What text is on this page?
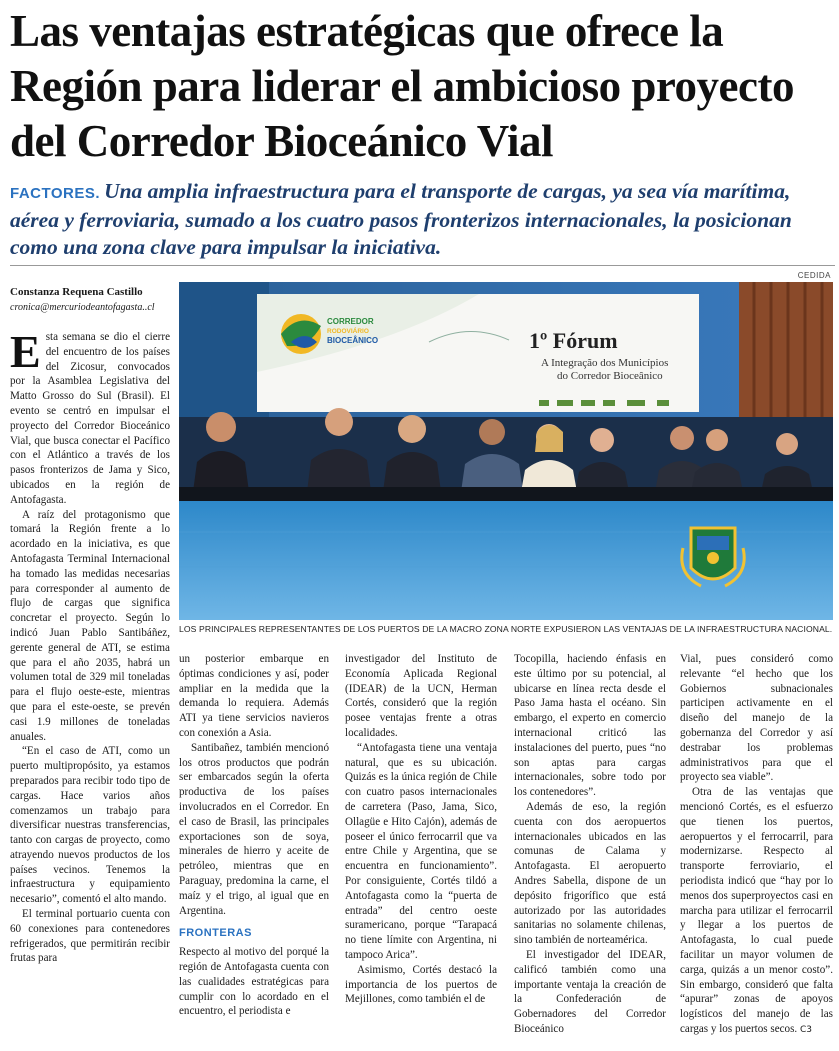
Las ventajas estratégicas que ofrece la Región para liderar el ambicioso proyecto del Corredor Bioceánico Vial
FACTORES. Una amplia infraestructura para el transporte de cargas, ya sea vía marítima, aérea y ferroviaria, sumado a los cuatro pasos fronterizos internacionales, la posicionan como una zona clave para impulsar la iniciativa.
CEDIDA
Constanza Requena Castillo
cronica@mercuriodeantofagasta..cl
CORREDOR
RODOVIÁRIO
BIOCEÂNICO	1º Fórum
A Integração dos Municípios
do Corredor Bioceânico
LOS PRINCIPALES REPRESENTANTES DE LOS PUERTOS DE LA MACRO ZONA NORTE EXPUSIERON LAS VENTAJAS DE LA INFRAESTRUCTURA NACIONAL.

Esta semana se dio el cierre del encuentro de los países del Zicosur, convocados por la Asamblea Legislativa del Matto Grosso do Sul (Brasil). El evento se centró en impulsar el proyecto del Corredor Bioceánico Vial, que busca conectar el Pacífico con el Atlántico a través de los pasos fronterizos de Jama y Sico, ubicados en la región de Antofagasta.

A raíz del protagonismo que tomará la Región frente a lo acordado en la iniciativa, es que Antofagasta Terminal Internacional ha tomado las medidas necesarias para corresponder al aumento de flujo de cargas que significa concretar el proyecto. Según lo indicó Juan Pablo Santibáñez, gerente general de ATI, se estima que para el año 2035, habrá un volumen total de 329 mil toneladas para el flujo oeste-este, mientras que para el este-oeste, se prevén casi 1.9 millones de toneladas anuales.

“En el caso de ATI, como un puerto multipropósito, ya estamos preparados para recibir todo tipo de cargas. Hace varios años comenzamos un trabajo para diversificar nuestras transferencias, tanto con cargas de proyecto, como atrayendo nuevos productos de los países vecinos. Tenemos la infraestructura y equipamiento necesario”, comentó el alto mando.

El terminal portuario cuenta con 60 conexiones para contenedores refrigerados, que permitirán recibir frutas para

un posterior embarque en óptimas condiciones y así, poder ampliar en la medida que la demanda lo requiera. Además ATI ya tiene servicios navieros con conexión a Asia.

Santibañez, también mencionó los otros productos que podrán ser embarcados según la oferta productiva de los países involucrados en el Corredor. En el caso de Brasil, las principales exportaciones son de soya, minerales de hierro y aceite de petróleo, mientras que en Paraguay, predomina la carne, el maíz y el trigo, al igual que en Argentina.

FRONTERAS

Respecto al motivo del porqué la región de Antofagasta cuenta con las cualidades estratégicas para cumplir con lo acordado en el encuentro, el periodista e

investigador del Instituto de Economía Aplicada Regional (IDEAR) de la UCN, Herman Cortés, consideró que la región posee ventajas frente a otras localidades.

“Antofagasta tiene una ventaja natural, que es su ubicación. Quizás es la única región de Chile con cuatro pasos internacionales de carretera (Paso, Jama, Sico, Ollagüe e Hito Cajón), además de poseer el único ferrocarril que va entre Chile y Argentina, que se encuentra en funcionamiento”. Por consiguiente, Cortés tildó a Antofagasta como la “puerta de entrada” del centro oeste suramericano, porque “Tarapacá no tiene límite con Argentina, ni tampoco Arica”.

Asimismo, Cortés destacó la importancia de los puertos de Mejillones, como también el de

Tocopilla, haciendo énfasis en este último por su potencial, al ubicarse en línea recta desde el Paso Jama hasta el océano. Sin embargo, el experto en comercio internacional criticó las instalaciones del puerto, pues “no son aptas para cargas internacionales, sobre todo por los contenedores”.

Además de eso, la región cuenta con dos aeropuertos internacionales ubicados en las comunas de Calama y Antofagasta. El aeropuerto Andres Sabella, dispone de un depósito frigorífico que está autorizado por las autoridades sanitarias no solamente chilenas, sino también de norteamérica.

El investigador del IDEAR, calificó también como una importante ventaja la creación de la Confederación de Gobernadores del Corredor Bioceánico

Vial, pues consideró como relevante “el hecho que los Gobiernos subnacionales participen activamente en el diseño del manejo de la gobernanza del Corredor y así destrabar los problemas administrativos para que el proyecto sea viable”.

Otra de las ventajas que mencionó Cortés, es el esfuerzo que tienen los puertos, aeropuertos y el ferrocarril, para modernizarse. Respecto al transporte ferroviario, el periodista indicó que “hay por lo menos dos superproyectos casi en marcha para utilizar el ferrocarril y llegar a los puertos de Antofagasta, lo cual puede facilitar un mayor volumen de carga, quizás a un menor costo”. Sin embargo, consideró que falta “apurar” zonas de apoyos logísticos del manejo de las cargas y los puertos secos. C3
